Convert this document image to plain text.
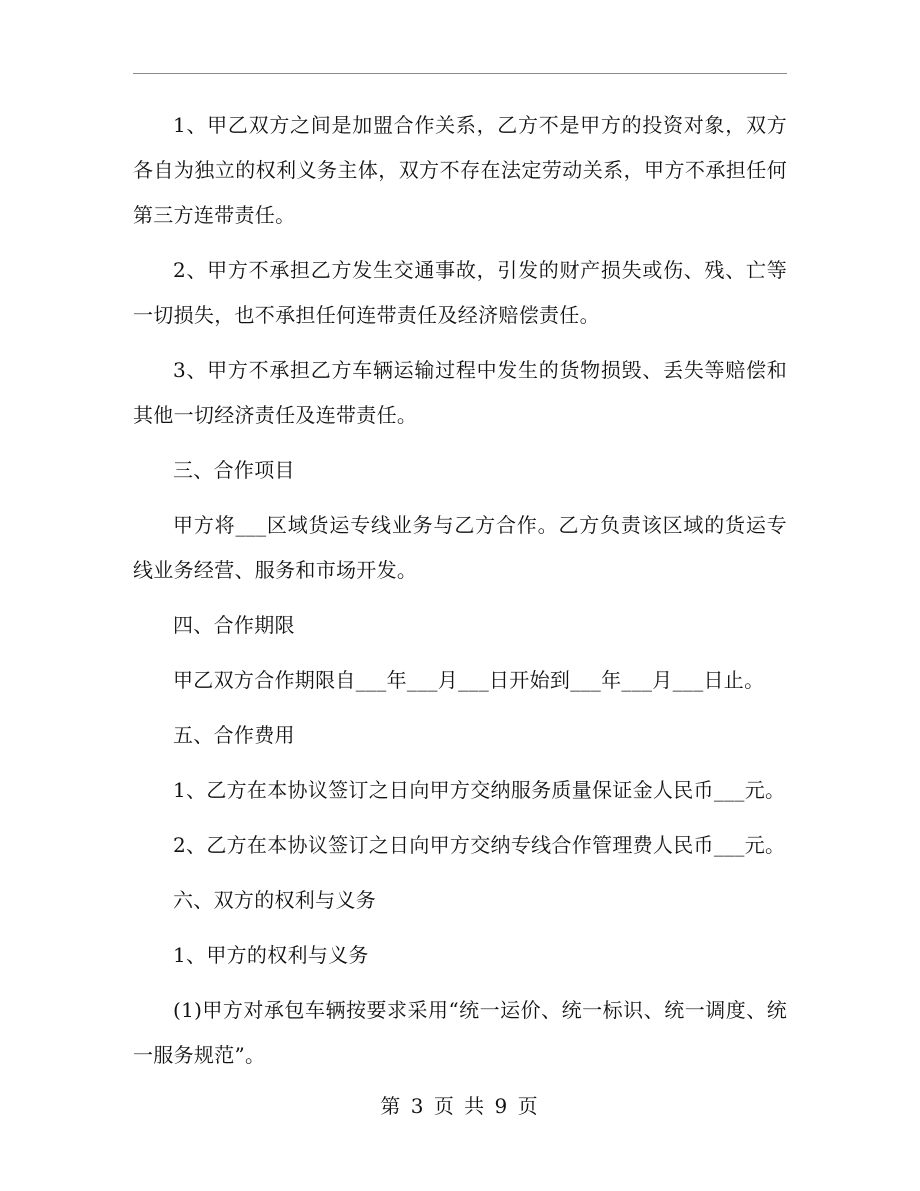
1、甲乙双方之间是加盟合作关系，乙方不是甲方的投资对象，双方各自为独立的权利义务主体，双方不存在法定劳动关系，甲方不承担任何第三方连带责任。

2、甲方不承担乙方发生交通事故，引发的财产损失或伤、残、亡等一切损失，也不承担任何连带责任及经济赔偿责任。

3、甲方不承担乙方车辆运输过程中发生的货物损毁、丢失等赔偿和其他一切经济责任及连带责任。

三、合作项目

甲方将___区域货运专线业务与乙方合作。乙方负责该区域的货运专线业务经营、服务和市场开发。

四、合作期限

甲乙双方合作期限自___年___月___日开始到___年___月___日止。

五、合作费用

1、乙方在本协议签订之日向甲方交纳服务质量保证金人民币___元。

2、乙方在本协议签订之日向甲方交纳专线合作管理费人民币___元。

六、双方的权利与义务

1、甲方的权利与义务

(1)甲方对承包车辆按要求采用“统一运价、统一标识、统一调度、统一服务规范”。

第 3 页 共 9 页
